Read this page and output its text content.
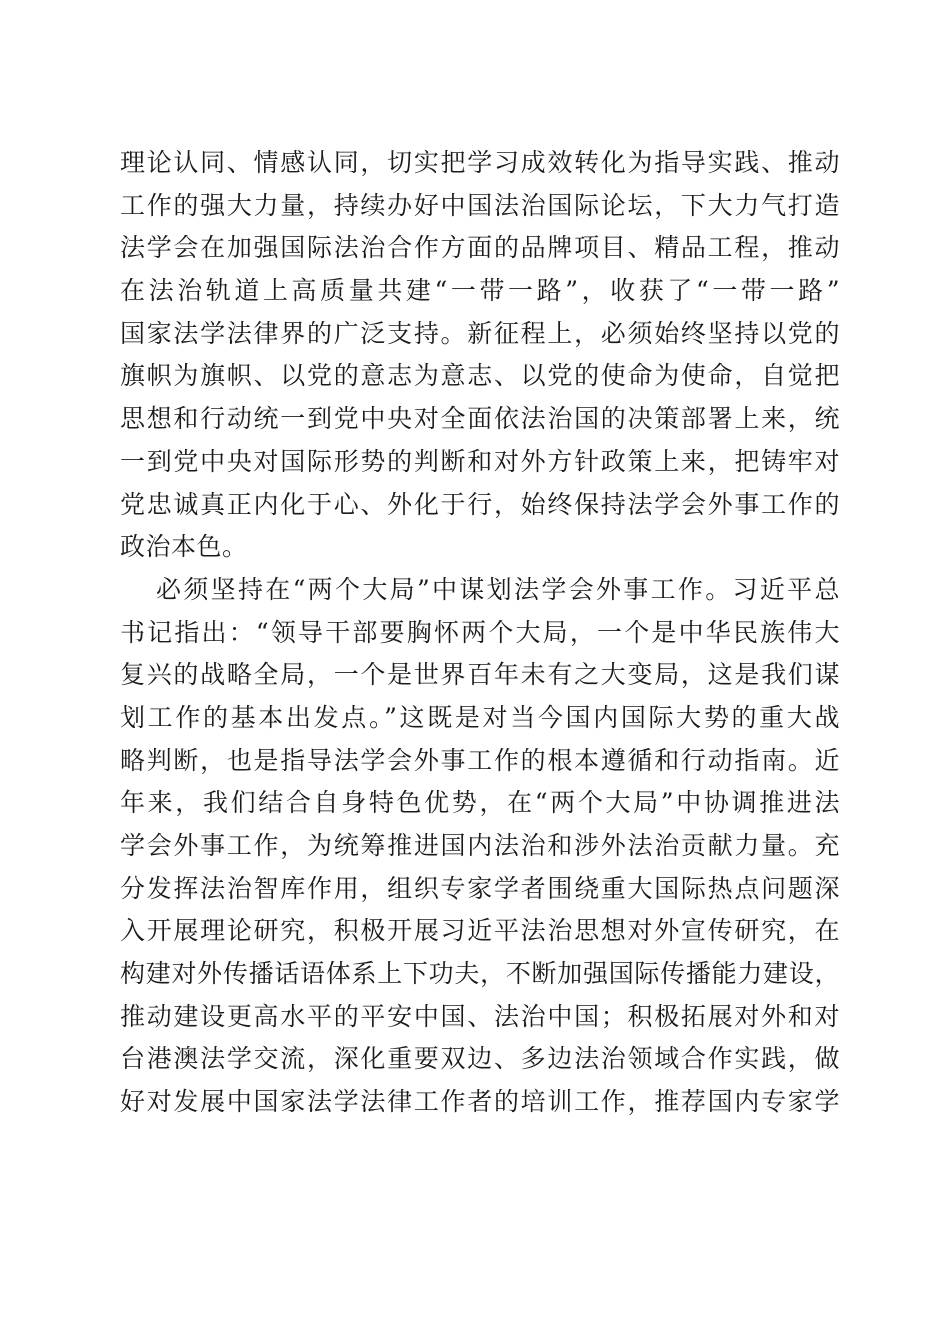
理论认同、情感认同，切实把学习成效转化为指导实践、推动
工作的强大力量，持续办好中国法治国际论坛，下大力气打造
法学会在加强国际法治合作方面的品牌项目、精品工程，推动
在法治轨道上高质量共建“一带一路”，收获了“一带一路”
国家法学法律界的广泛支持。新征程上，必须始终坚持以党的
旗帜为旗帜、以党的意志为意志、以党的使命为使命，自觉把
思想和行动统一到党中央对全面依法治国的决策部署上来，统
一到党中央对国际形势的判断和对外方针政策上来，把铸牢对
党忠诚真正内化于心、外化于行，始终保持法学会外事工作的
政治本色。
必须坚持在“两个大局”中谋划法学会外事工作。习近平总
书记指出：“领导干部要胸怀两个大局，一个是中华民族伟大
复兴的战略全局，一个是世界百年未有之大变局，这是我们谋
划工作的基本出发点。”这既是对当今国内国际大势的重大战
略判断，也是指导法学会外事工作的根本遵循和行动指南。近
年来，我们结合自身特色优势，在“两个大局”中协调推进法
学会外事工作，为统筹推进国内法治和涉外法治贡献力量。充
分发挥法治智库作用，组织专家学者围绕重大国际热点问题深
入开展理论研究，积极开展习近平法治思想对外宣传研究，在
构建对外传播话语体系上下功夫，不断加强国际传播能力建设，
推动建设更高水平的平安中国、法治中国；积极拓展对外和对
台港澳法学交流，深化重要双边、多边法治领域合作实践，做
好对发展中国家法学法律工作者的培训工作，推荐国内专家学
